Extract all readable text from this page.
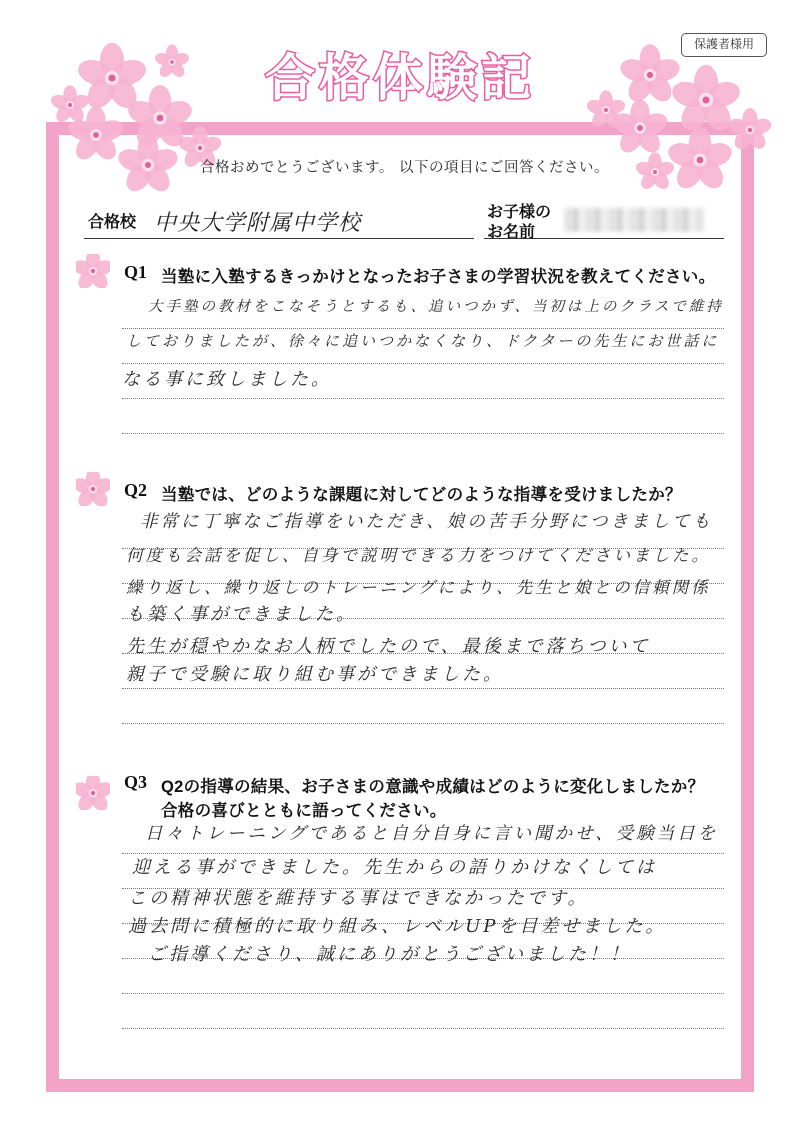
保護者様用
合格体験記
合格おめでとうございます。 以下の項目にご回答ください。
合格校 中央大学附属中学校	お子様の
お名前
Q1 当塾に入塾するきっかけとなったお子さまの学習状況を教えてください。
大手塾の教材をこなそうとするも、追いつかず、当初は上のクラスで維持
しておりましたが、徐々に追いつかなくなり、ドクターの先生にお世話に
なる事に致しました。
Q2 当塾では、どのような課題に対してどのような指導を受けましたか？
非常に丁寧なご指導をいただき、娘の苦手分野につきましても
何度も会話を促し、自身で説明できる力をつけてくださいました。
繰り返し、繰り返しのトレーニングにより、先生と娘との信頼関係
も築く事ができました。
先生が穏やかなお人柄でしたので、最後まで落ちついて
親子で受験に取り組む事ができました。
Q3 Q2の指導の結果、お子さまの意識や成績はどのように変化しましたか？
合格の喜びとともに語ってください。
日々トレーニングであると自分自身に言い聞かせ、受験当日を
迎える事ができました。先生からの語りかけなくしては
この精神状態を維持する事はできなかったです。
過去問に積極的に取り組み、レベルUPを目差せました。
ご指導くださり、誠にありがとうございました！！
